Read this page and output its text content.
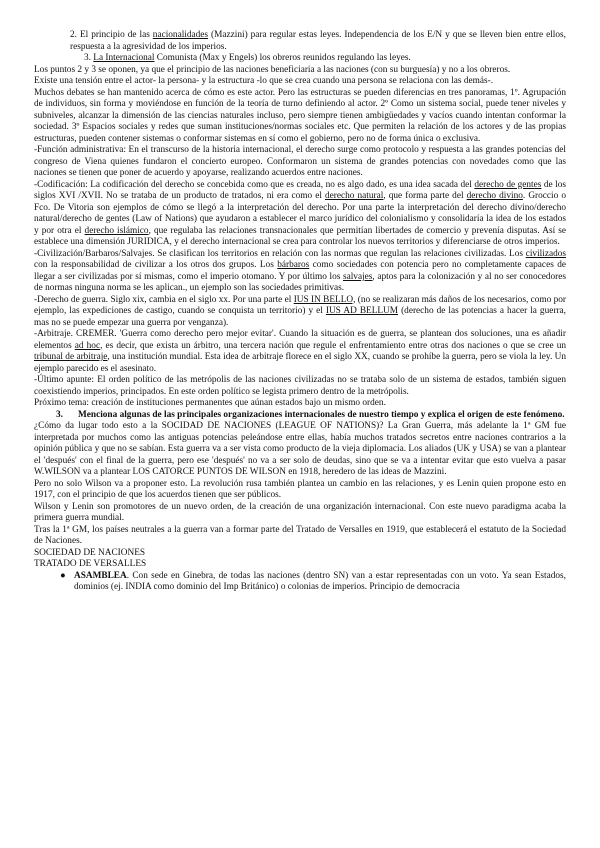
2. El principio de las nacionalidades (Mazzini) para regular estas leyes. Independencia de los E/N y que se lleven bien entre ellos, respuesta a la agresividad de los imperios.

3. La Internacional Comunista (Max y Engels) los obreros reunidos regulando las leyes.

Los puntos 2 y 3 se oponen, ya que el principio de las naciones beneficiaria a las naciones (con su burguesía) y no a los obreros.

Existe una tensión entre el actor- la persona- y la estructura -lo que se crea cuando una persona se relaciona con las demás-.

Muchos debates se han mantenido acerca de cómo es este actor. Pero las estructuras se pueden diferencias en tres panoramas, 1º. Agrupación de individuos, sin forma y moviéndose en función de la teoría de turno definiendo al actor. 2º Como un sistema social, puede tener niveles y subniveles, alcanzar la dimensión de las ciencias naturales incluso, pero siempre tienen ambigüedades y vacíos cuando intentan conformar la sociedad. 3º Espacios sociales y redes que suman instituciones/normas sociales etc. Que permiten la relación de los actores y de las propias estructuras, pueden contener sistemas o conformar sistemas en sí como el gobierno, pero no de forma única o exclusiva.

-Función administrativa: En el transcurso de la historia internacional, el derecho surge como protocolo y respuesta a las grandes potencias del congreso de Viena quienes fundaron el concierto europeo. Conformaron un sistema de grandes potencias con novedades como que las naciones se tienen que poner de acuerdo y apoyarse, realizando acuerdos entre naciones.

-Codificación: La codificación del derecho se concebida como que es creada, no es algo dado, es una idea sacada del derecho de gentes de los siglos XVI /XVII. No se trataba de un producto de tratados, ni era como el derecho natural, que forma parte del derecho divino. Groccio o Fco. De Vitoria son ejemplos de cómo se llegó a la interpretación del derecho. Por una parte la interpretación del derecho divino/derecho natural/derecho de gentes (Law of Nations) que ayudaron a establecer el marco jurídico del colonialismo y consolidaría la idea de los estados y por otra el derecho islámico, que regulaba las relaciones transnacionales que permitían libertades de comercio y prevenía disputas. Así se establece una dimensión JURIDICA, y el derecho internacional se crea para controlar los nuevos territorios y diferenciarse de otros imperios.

-Civilización/Barbaros/Salvajes. Se clasifican los territorios en relación con las normas que regulan las relaciones civilizadas. Los civilizados con la responsabilidad de civilizar a los otros dos grupos. Los bárbaros como sociedades con potencia pero no completamente capaces de llegar a ser civilizadas por sí mismas, como el imperio otomano. Y por último los salvajes, aptos para la colonización y al no ser conocedores de normas ninguna norma se les aplican., un ejemplo son las sociedades primitivas.

-Derecho de guerra. Siglo xix, cambia en el siglo xx. Por una parte el IUS IN BELLO, (no se realizaran más daños de los necesarios, como por ejemplo, las expediciones de castigo, cuando se conquista un territorio) y el IUS AD BELLUM (derecho de las potencias a hacer la guerra, mas no se puede empezar una guerra por venganza).

-Arbitraje. CREMER. 'Guerra como derecho pero mejor evitar'. Cuando la situación es de guerra, se plantean dos soluciones, una es añadir elementos ad hoc, es decir, que exista un árbitro, una tercera nación que regule el enfrentamiento entre otras dos naciones o que se cree un tribunal de arbitraje, una institución mundial. Esta idea de arbitraje florece en el siglo XX, cuando se prohíbe la guerra, pero se viola la ley. Un ejemplo parecido es el asesinato.

-Último apunte: El orden político de las metrópolis de las naciones civilizadas no se trataba solo de un sistema de estados, también siguen coexistiendo imperios, principados. En este orden político se legista primero dentro de la metrópolis.

Próximo tema: creación de instituciones permanentes que aúnan estados bajo un mismo orden.

3.	Menciona algunas de las principales organizaciones internacionales de nuestro tiempo y explica el origen de este fenómeno.

¿Cómo da lugar todo esto a la SOCIDAD DE NACIONES (LEAGUE OF NATIONS)? La Gran Guerra, más adelante la 1ª GM fue interpretada por muchos como las antiguas potencias peleándose entre ellas, había muchos tratados secretos entre naciones contrarios a la opinión pública y que no se sabían. Esta guerra va a ser vista como producto de la vieja diplomacia. Los aliados (UK y USA) se van a plantear el 'después' con el final de la guerra, pero ese 'después' no va a ser solo de deudas, sino que se va a intentar evitar que esto vuelva a pasar W.WILSON va a plantear LOS CATORCE PUNTOS DE WILSON en 1918, heredero de las ideas de Mazzini.

Pero no solo Wilson va a proponer esto. La revolución rusa también plantea un cambio en las relaciones, y es Lenin quien propone esto en 1917, con el principio de que los acuerdos tienen que ser públicos.

Wilson y Lenin son promotores de un nuevo orden, de la creación de una organización internacional. Con este nuevo paradigma acaba la primera guerra mundial.

Tras la 1ª GM, los países neutrales a la guerra van a formar parte del Tratado de Versalles en 1919, que establecerá el estatuto de la Sociedad de Naciones.

SOCIEDAD DE NACIONES

TRATADO DE VERSALLES

● ASAMBLEA. Con sede en Ginebra, de todas las naciones (dentro SN) van a estar representadas con un voto. Ya sean Estados, dominios (ej. INDIA como dominio del Imp Británico) o colonias de imperios. Principio de democracia
